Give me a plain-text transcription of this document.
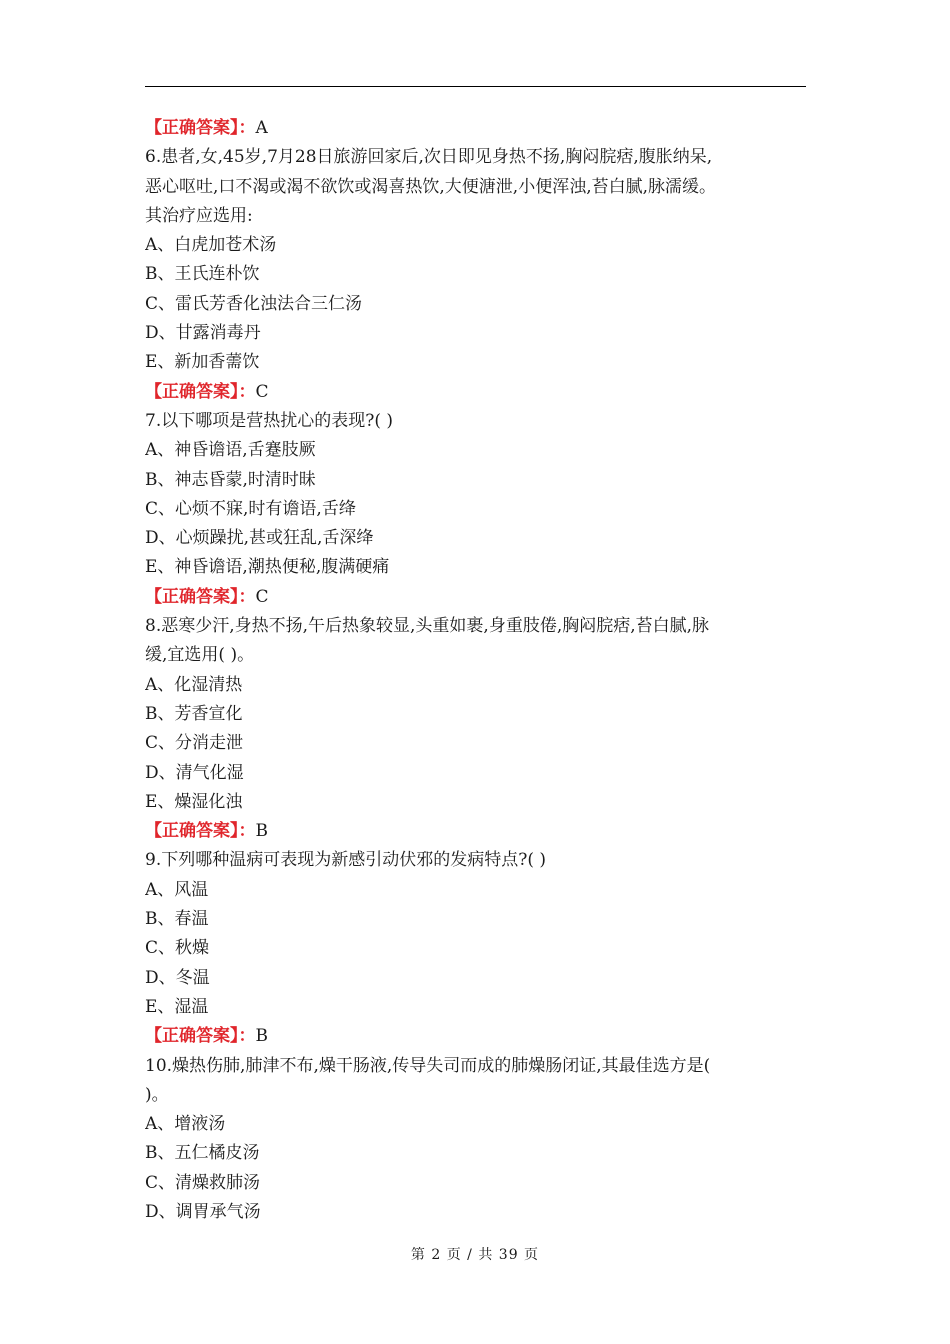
【正确答案】：A
6.患者,女,45岁,7月28日旅游回家后,次日即见身热不扬,胸闷脘痞,腹胀纳呆,
恶心呕吐,口不渴或渴不欲饮或渴喜热饮,大便溏泄,小便浑浊,苔白腻,脉濡缓。
其治疗应选用:
A、白虎加苍术汤
B、王氏连朴饮
C、雷氏芳香化浊法合三仁汤
D、甘露消毒丹
E、新加香薷饮
【正确答案】：C
7.以下哪项是营热扰心的表现?( )
A、神昏谵语,舌蹇肢厥
B、神志昏蒙,时清时昧
C、心烦不寐,时有谵语,舌绛
D、心烦躁扰,甚或狂乱,舌深绛
E、神昏谵语,潮热便秘,腹满硬痛
【正确答案】：C
8.恶寒少汗,身热不扬,午后热象较显,头重如裹,身重肢倦,胸闷脘痞,苔白腻,脉
缓,宜选用( )。
A、化湿清热
B、芳香宣化
C、分消走泄
D、清气化湿
E、燥湿化浊
【正确答案】：B
9.下列哪种温病可表现为新感引动伏邪的发病特点?( )
A、风温
B、春温
C、秋燥
D、冬温
E、湿温
【正确答案】：B
10.燥热伤肺,肺津不布,燥干肠液,传导失司而成的肺燥肠闭证,其最佳选方是(
)。
A、增液汤
B、五仁橘皮汤
C、清燥救肺汤
D、调胃承气汤
第 2 页 / 共 39 页
